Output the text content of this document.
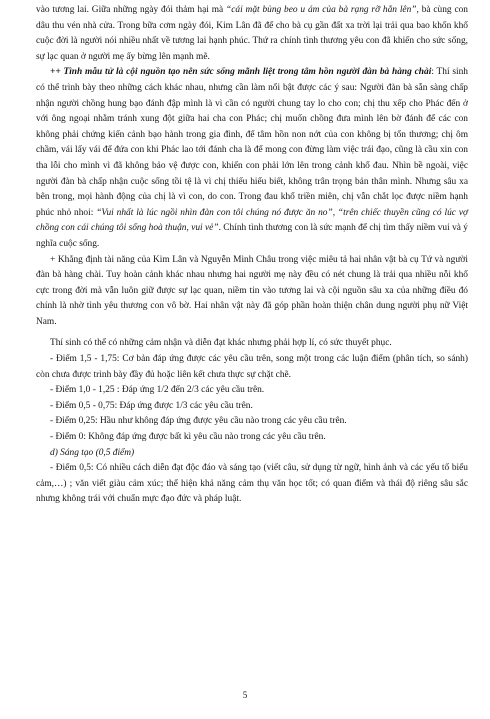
vào tương lai. Giữa những ngày đói thảm hại mà “cái mặt bủng beo u ám của bà rạng rỡ hẳn lên”, bà cùng con dâu thu vén nhà cửa. Trong bữa cơm ngày đói, Kim Lân đã để cho bà cụ gần đất xa trời lại trải qua bao khốn khổ cuộc đời là người nói nhiều nhất về tương lai hạnh phúc. Thứ ra chính tình thương yêu con đã khiến cho sức sống, sự lạc quan ở người mẹ ấy bừng lên mạnh mẽ.

++ Tình mẫu tử là cội nguồn tạo nên sức sống mãnh liệt trong tâm hồn người đàn bà hàng chài: Thí sinh có thể trình bày theo những cách khác nhau, nhưng cần làm nổi bật được các ý sau: Người đàn bà sẵn sàng chấp nhận người chồng hung bạo đánh đập mình là vì cần có người chung tay lo cho con; chị thu xếp cho Phác đến ở với ông ngoại nhằm tránh xung đột giữa hai cha con Phác; chị muốn chồng đưa mình lên bờ đánh để các con không phải chứng kiến cảnh bạo hành trong gia đình, để tâm hồn non nớt của con không bị tổn thương; chị ôm chầm, vái lấy vái để đứa con khi Phác lao tới đánh cha là để mong con đừng làm việc trái đạo, cũng là cầu xin con tha lỗi cho mình vì đã không bảo vệ được con, khiến con phải lớn lên trong cảnh khổ đau. Nhìn bề ngoài, việc người đàn bà chấp nhận cuộc sống tồi tệ là vì chị thiếu hiểu biết, không trân trọng bản thân mình. Nhưng sâu xa bên trong, mọi hành động của chị là vì con, do con. Trong đau khổ triền miên, chị vẫn chắt lọc được niềm hạnh phúc nhỏ nhoi: “Vui nhất là lúc ngồi nhìn đàn con tôi chúng nó được ăn no”, “trên chiếc thuyền cũng có lúc vợ chồng con cái chúng tôi sống hoà thuận, vui vẻ”. Chính tình thương con là sức mạnh để chị tìm thấy niềm vui và ý nghĩa cuộc sống.

+ Khẳng định tài năng của Kim Lân và Nguyễn Minh Châu trong việc miêu tả hai nhân vật bà cụ Tứ và người đàn bà hàng chài. Tuy hoàn cảnh khác nhau nhưng hai người mẹ này đều có nét chung là trải qua nhiều nỗi khổ cực trong đời mà vẫn luôn giữ được sự lạc quan, niềm tin vào tương lai và cội nguồn sâu xa của những điều đó chính là nhờ tình yêu thương con vô bờ. Hai nhân vật này đã góp phần hoàn thiện chân dung người phụ nữ Việt Nam.

Thí sinh có thể có những cảm nhận và diễn đạt khác nhưng phải hợp lí, có sức thuyết phục.

- Điểm 1,5 - 1,75: Cơ bản đáp ứng được các yêu cầu trên, song một trong các luận điểm (phân tích, so sánh) còn chưa được trình bày đầy đủ hoặc liên kết chưa thực sự chặt chẽ.

- Điểm 1,0 - 1,25 : Đáp ứng 1/2 đến 2/3 các yêu cầu trên.

- Điểm 0,5 - 0,75: Đáp ứng được 1/3 các yêu cầu trên.

- Điểm 0,25: Hầu như không đáp ứng được yêu cầu nào trong các yêu cầu trên.

- Điểm 0: Không đáp ứng được bất kì yêu cầu nào trong các yêu cầu trên.

d) Sáng tạo (0,5 điểm)

- Điểm 0,5: Có nhiều cách diễn đạt độc đáo và sáng tạo (viết câu, sử dụng từ ngữ, hình ảnh và các yếu tố biểu cảm,…) ; văn viết giàu cảm xúc; thể hiện khả năng cảm thụ văn học tốt; có quan điểm và thái độ riêng sâu sắc nhưng không trái với chuẩn mực đạo đức và pháp luật.

5
